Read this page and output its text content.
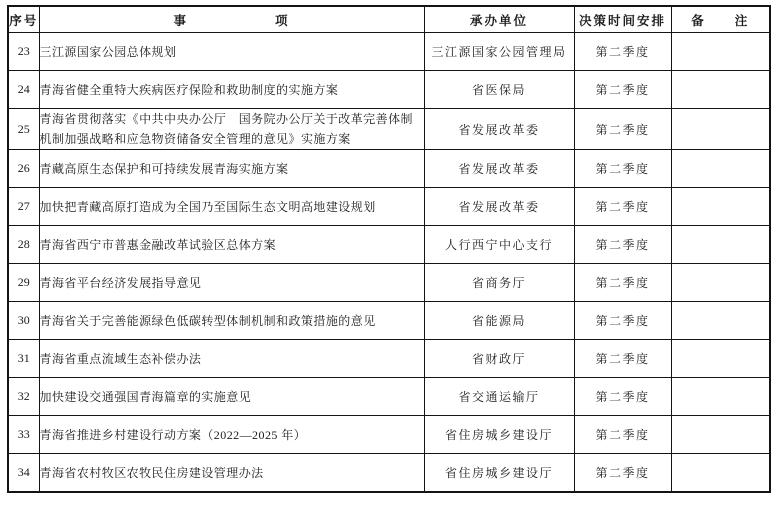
序号	事　　　　　　项	承办单位	决策时间安排	备　　注
23	三江源国家公园总体规划	三江源国家公园管理局	第二季度	
24	青海省健全重特大疾病医疗保险和救助制度的实施方案	省医保局	第二季度	
25	青海省贯彻落实《中共中央办公厅　国务院办公厅关于改革完善体制机制加强战略和应急物资储备安全管理的意见》实施方案	省发展改革委	第二季度	
26	青藏高原生态保护和可持续发展青海实施方案	省发展改革委	第二季度	
27	加快把青藏高原打造成为全国乃至国际生态文明高地建设规划	省发展改革委	第二季度	
28	青海省西宁市普惠金融改革试验区总体方案	人行西宁中心支行	第二季度	
29	青海省平台经济发展指导意见	省商务厅	第二季度	
30	青海省关于完善能源绿色低碳转型体制机制和政策措施的意见	省能源局	第二季度	
31	青海省重点流域生态补偿办法	省财政厅	第二季度	
32	加快建设交通强国青海篇章的实施意见	省交通运输厅	第二季度	
33	青海省推进乡村建设行动方案（2022—2025 年）	省住房城乡建设厅	第二季度	
34	青海省农村牧区农牧民住房建设管理办法	省住房城乡建设厅	第二季度	
